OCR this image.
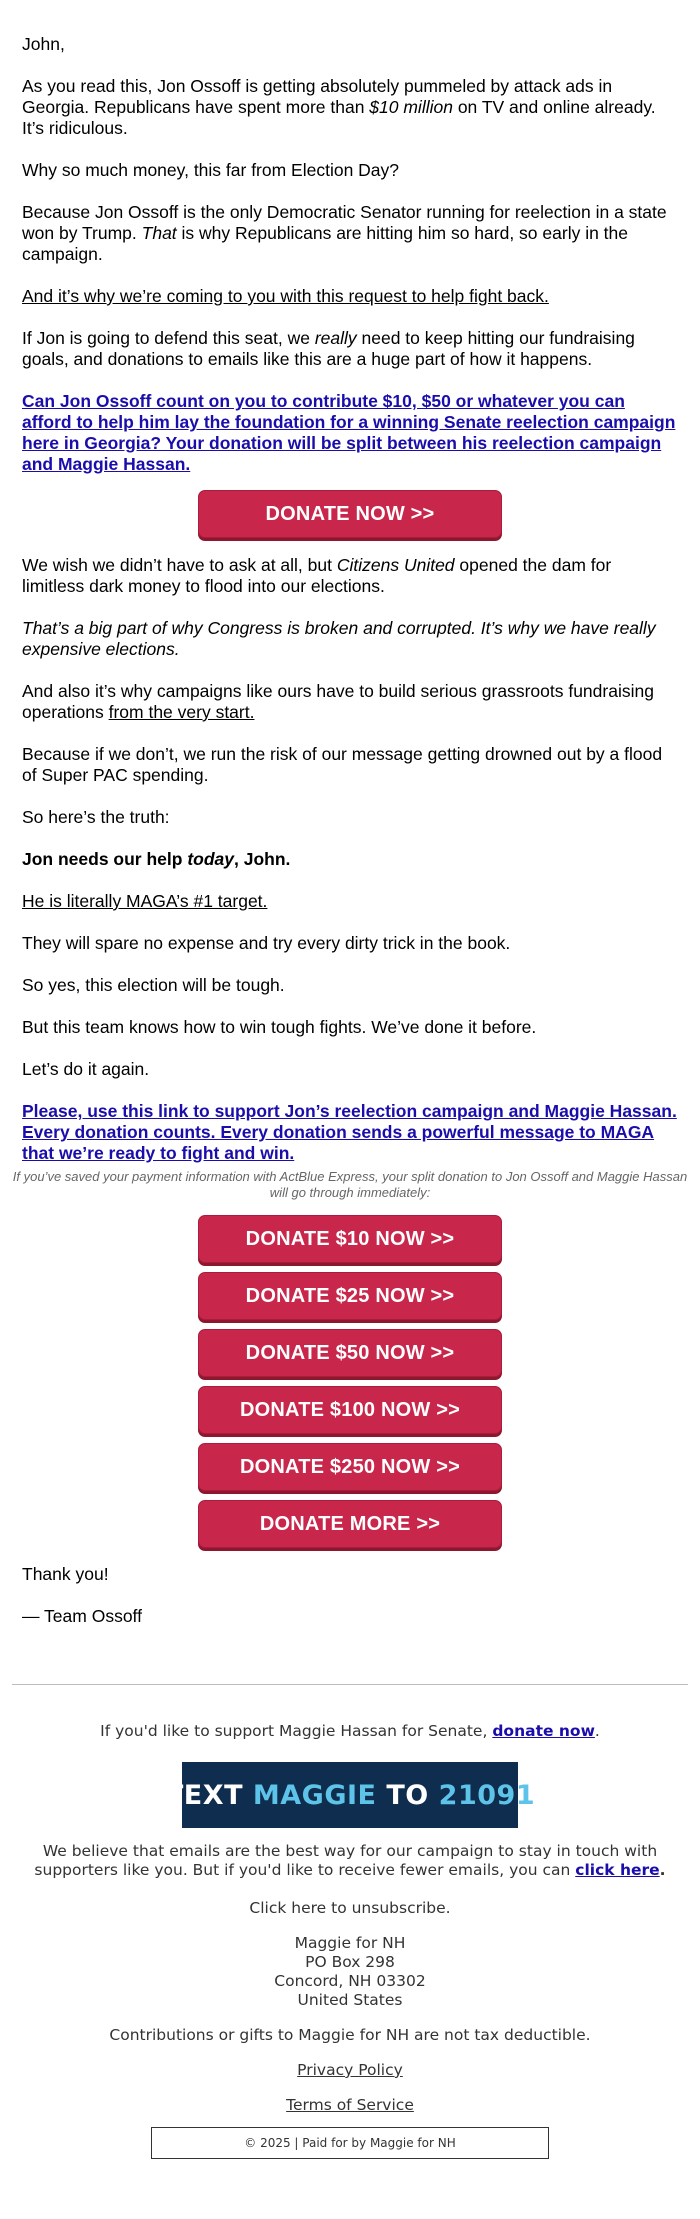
John,

As you read this, Jon Ossoff is getting absolutely pummeled by attack ads in Georgia. Republicans have spent more than $10 million on TV and online already. It’s ridiculous.

Why so much money, this far from Election Day?

Because Jon Ossoff is the only Democratic Senator running for reelection in a state won by Trump. That is why Republicans are hitting him so hard, so early in the campaign.

And it’s why we’re coming to you with this request to help fight back.

If Jon is going to defend this seat, we really need to keep hitting our fundraising goals, and donations to emails like this are a huge part of how it happens.

Can Jon Ossoff count on you to contribute $10, $50 or whatever you can afford to help him lay the foundation for a winning Senate reelection campaign here in Georgia? Your donation will be split between his reelection campaign and Maggie Hassan.
DONATE NOW >>

We wish we didn’t have to ask at all, but Citizens United opened the dam for limitless dark money to flood into our elections.

That’s a big part of why Congress is broken and corrupted. It’s why we have really expensive elections.

And also it’s why campaigns like ours have to build serious grassroots fundraising operations from the very start.

Because if we don’t, we run the risk of our message getting drowned out by a flood of Super PAC spending.

So here’s the truth:

Jon needs our help today, John.

He is literally MAGA’s #1 target.

They will spare no expense and try every dirty trick in the book.

So yes, this election will be tough.

But this team knows how to win tough fights. We’ve done it before.

Let’s do it again.

Please, use this link to support Jon’s reelection campaign and Maggie Hassan. Every donation counts. Every donation sends a powerful message to MAGA that we’re ready to fight and win.

If you’ve saved your payment information with ActBlue Express, your split donation to Jon Ossoff and Maggie Hassan will go through immediately:

DONATE $10 NOW >>
DONATE $25 NOW >>
DONATE $50 NOW >>
DONATE $100 NOW >>
DONATE $250 NOW >>
DONATE MORE >>

Thank you!

— Team Ossoff

If you'd like to support Maggie Hassan for Senate, donate now.
TEXT
MAGGIE
TO
21091
We believe that emails are the best way for our campaign to stay in touch with supporters like you. But if you'd like to receive fewer emails, you can click here.
Click here to unsubscribe.
Maggie for NH
PO Box 298
Concord, NH 03302
United States
Contributions or gifts to Maggie for NH are not tax deductible.
Privacy Policy
Terms of Service
© 2025 | Paid for by Maggie for NH
